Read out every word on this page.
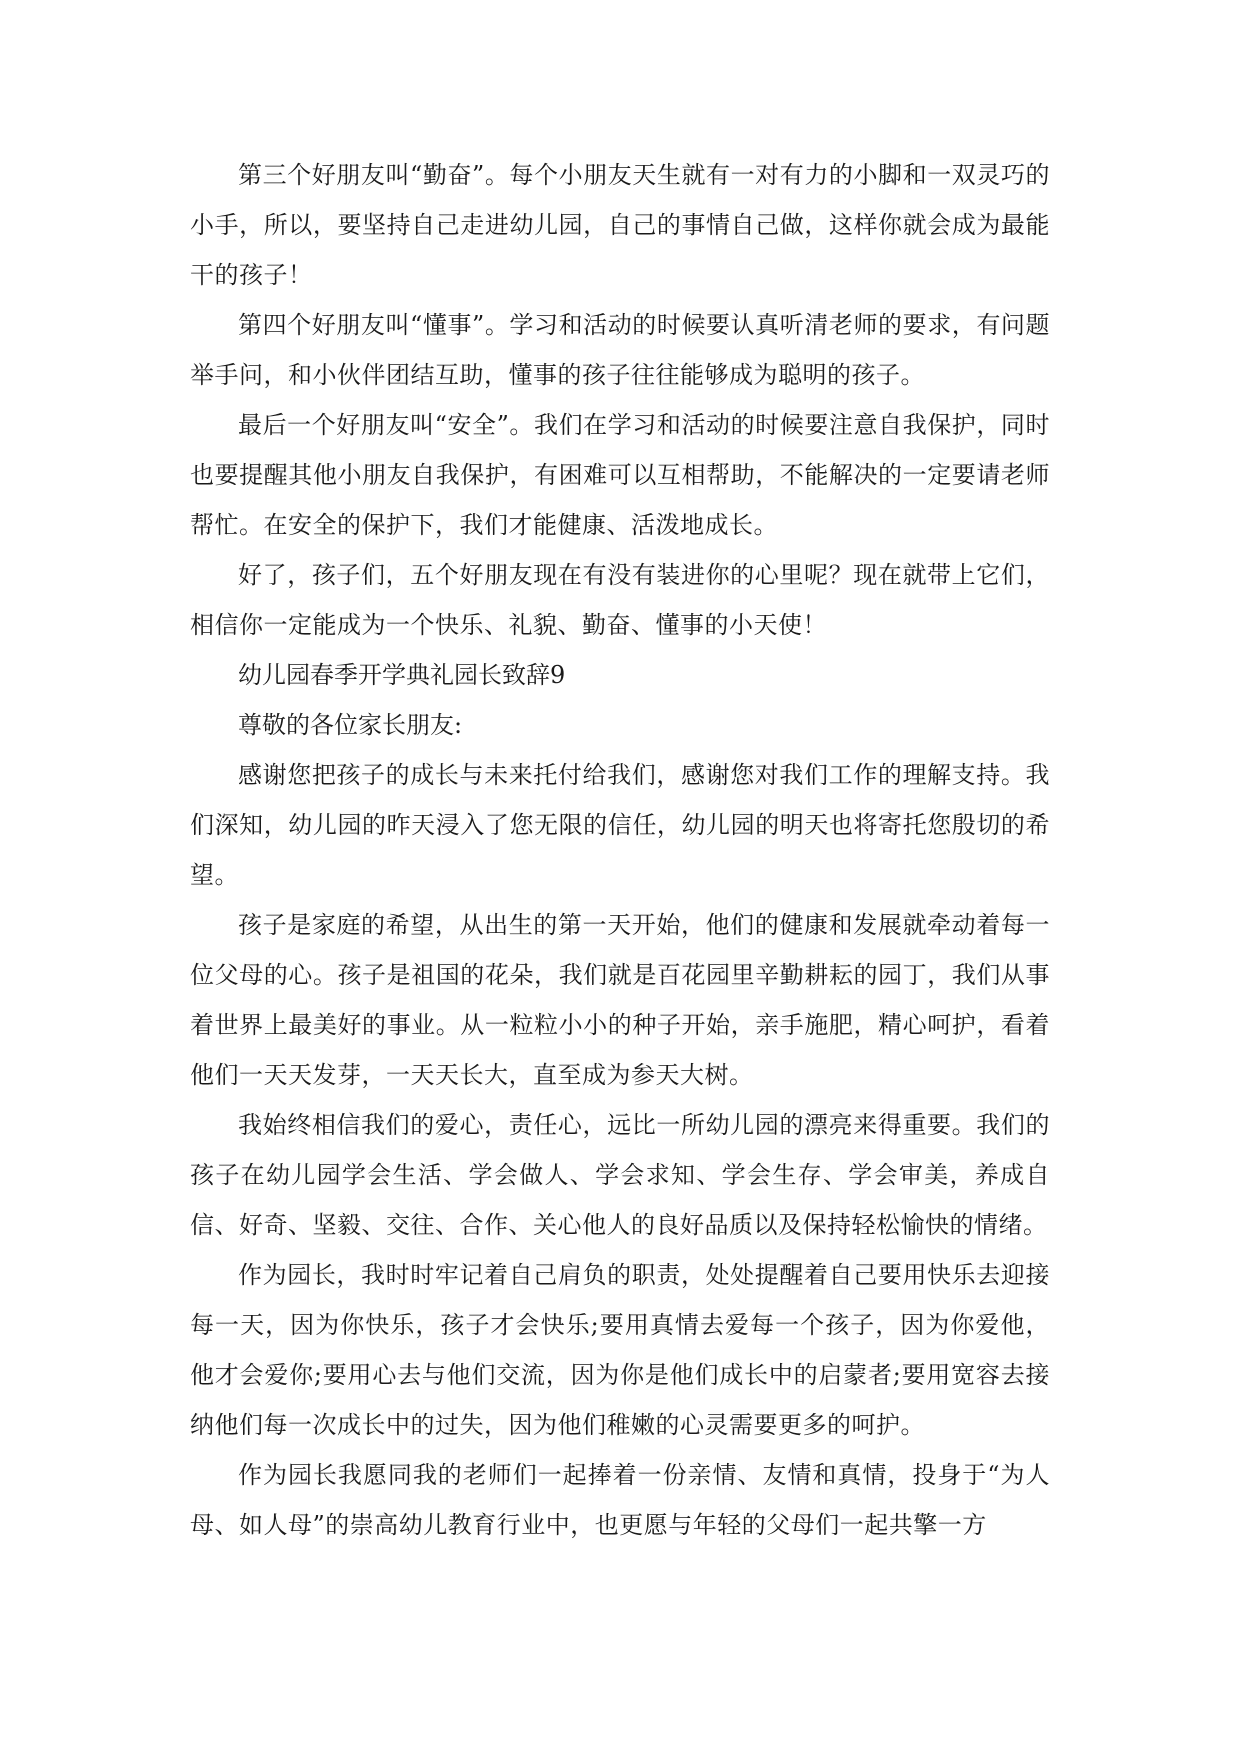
第三个好朋友叫“勤奋”。每个小朋友天生就有一对有力的小脚和一双灵巧的小手，所以，要坚持自己走进幼儿园，自己的事情自己做，这样你就会成为最能干的孩子！

第四个好朋友叫“懂事”。学习和活动的时候要认真听清老师的要求，有问题举手问，和小伙伴团结互助，懂事的孩子往往能够成为聪明的孩子。

最后一个好朋友叫“安全”。我们在学习和活动的时候要注意自我保护，同时也要提醒其他小朋友自我保护，有困难可以互相帮助，不能解决的一定要请老师帮忙。在安全的保护下，我们才能健康、活泼地成长。

好了，孩子们，五个好朋友现在有没有装进你的心里呢？现在就带上它们，相信你一定能成为一个快乐、礼貌、勤奋、懂事的小天使！

幼儿园春季开学典礼园长致辞9

尊敬的各位家长朋友:

感谢您把孩子的成长与未来托付给我们，感谢您对我们工作的理解支持。我们深知，幼儿园的昨天浸入了您无限的信任，幼儿园的明天也将寄托您殷切的希望。

孩子是家庭的希望，从出生的第一天开始，他们的健康和发展就牵动着每一位父母的心。孩子是祖国的花朵，我们就是百花园里辛勤耕耘的园丁，我们从事着世界上最美好的事业。从一粒粒小小的种子开始，亲手施肥，精心呵护，看着他们一天天发芽，一天天长大，直至成为参天大树。

我始终相信我们的爱心，责任心，远比一所幼儿园的漂亮来得重要。我们的孩子在幼儿园学会生活、学会做人、学会求知、学会生存、学会审美，养成自信、好奇、坚毅、交往、合作、关心他人的良好品质以及保持轻松愉快的情绪。

作为园长，我时时牢记着自己肩负的职责，处处提醒着自己要用快乐去迎接每一天，因为你快乐，孩子才会快乐;要用真情去爱每一个孩子，因为你爱他，他才会爱你;要用心去与他们交流，因为你是他们成长中的启蒙者;要用宽容去接纳他们每一次成长中的过失，因为他们稚嫩的心灵需要更多的呵护。

作为园长我愿同我的老师们一起捧着一份亲情、友情和真情，投身于“为人母、如人母”的崇高幼儿教育行业中，也更愿与年轻的父母们一起共擎一方
